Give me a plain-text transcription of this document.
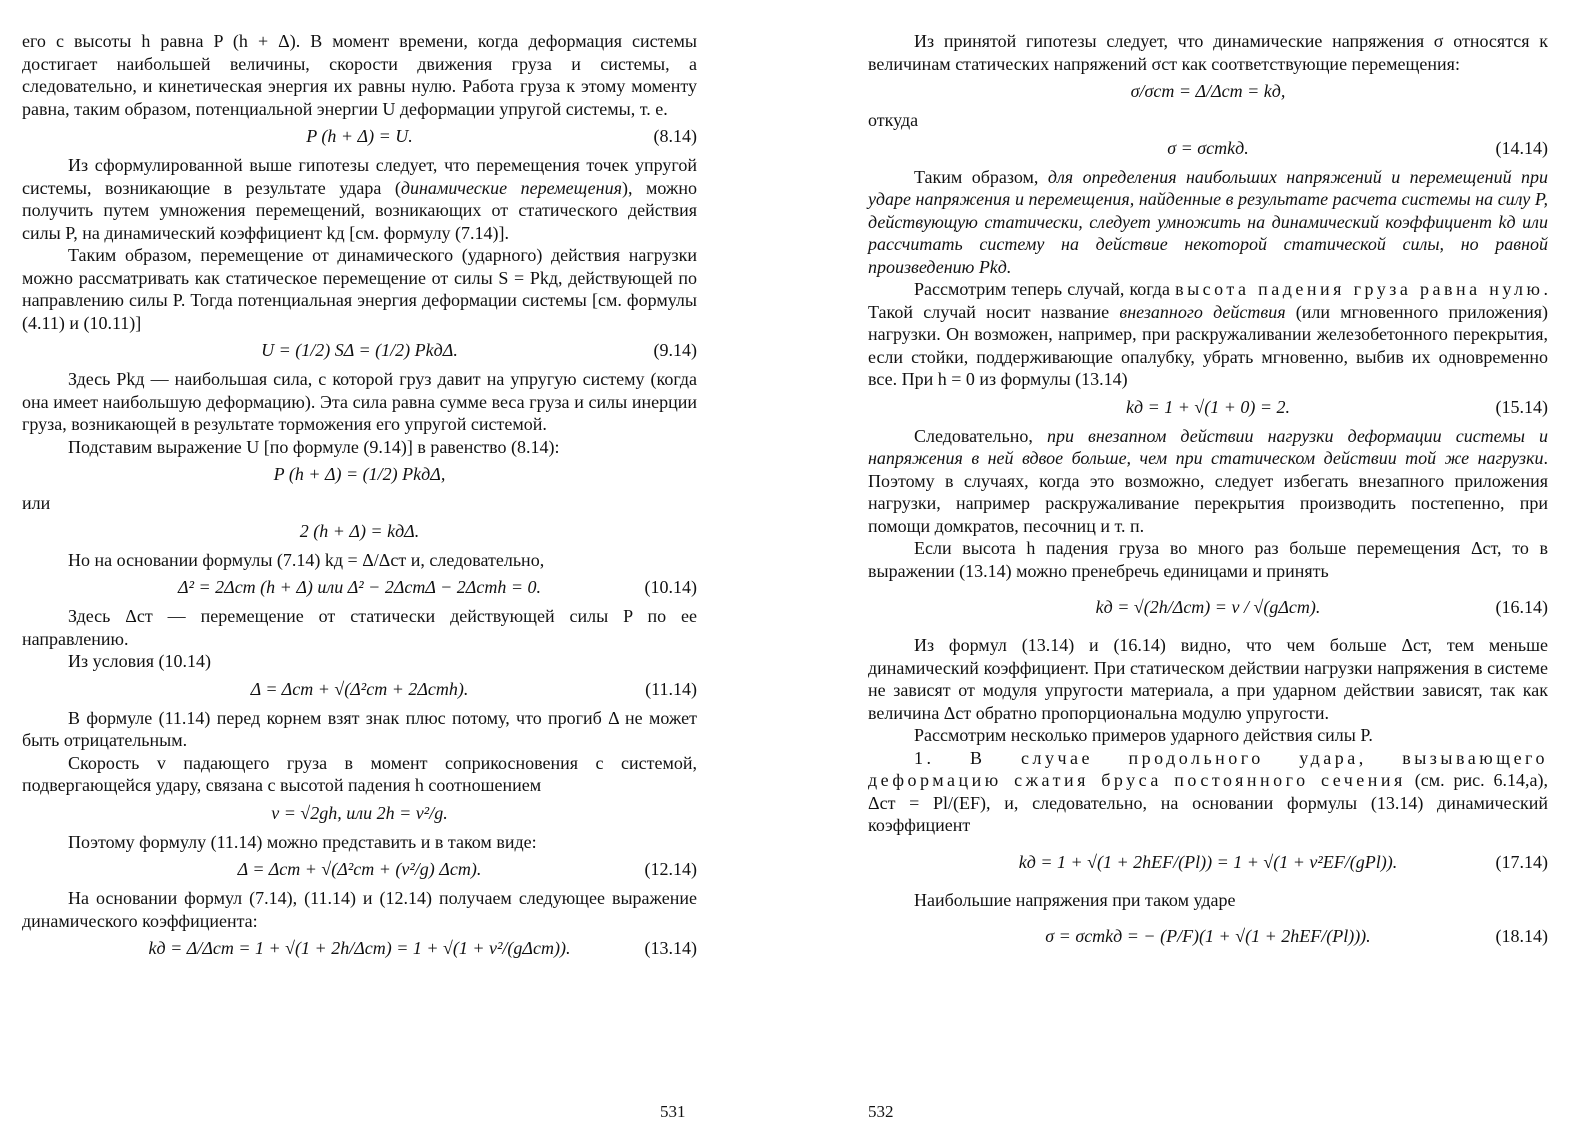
его с высоты h равна P (h + Δ). В момент времени, когда деформация системы достигает наибольшей величины, скорости движения груза и системы, а следовательно, и кинетическая энергия их равны нулю. Работа груза к этому моменту равна, таким образом, потенциальной энергии U деформации упругой системы, т. е.

P (h + Δ) = U.	(8.14)

Из сформулированной выше гипотезы следует, что перемещения точек упругой системы, возникающие в результате удара (динамические перемещения), можно получить путем умножения перемещений, возникающих от статического действия силы P, на динамический коэффициент kд [см. формулу (7.14)].

Таким образом, перемещение от динамического (ударного) действия нагрузки можно рассматривать как статическое перемещение от силы S = Pkд, действующей по направлению силы P. Тогда потенциальная энергия деформации системы [см. формулы (4.11) и (10.11)]

U = (1/2) SΔ = (1/2) PkдΔ.	(9.14)

Здесь Pkд — наибольшая сила, с которой груз давит на упругую систему (когда она имеет наибольшую деформацию). Эта сила равна сумме веса груза и силы инерции груза, возникающей в результате торможения его упругой системой.

Подставим выражение U [по формуле (9.14)] в равенство (8.14):

P (h + Δ) = (1/2) PkдΔ,

или

2 (h + Δ) = kдΔ.

Но на основании формулы (7.14) kд = Δ/Δст и, следовательно,

Δ² = 2Δст (h + Δ) или Δ² − 2ΔстΔ − 2Δстh = 0.	(10.14)

Здесь Δст — перемещение от статически действующей силы P по ее направлению.

Из условия (10.14)

Δ = Δст + √(Δ²ст + 2Δстh).	(11.14)

В формуле (11.14) перед корнем взят знак плюс потому, что прогиб Δ не может быть отрицательным.

Скорость v падающего груза в момент соприкосновения с системой, подвергающейся удару, связана с высотой падения h соотношением

v = √2gh, или 2h = v²/g.

Поэтому формулу (11.14) можно представить и в таком виде:

Δ = Δст + √(Δ²ст + (v²/g) Δст).	(12.14)

На основании формул (7.14), (11.14) и (12.14) получаем следующее выражение динамического коэффициента:

kд = Δ/Δст = 1 + √(1 + 2h/Δст) = 1 + √(1 + v²/(gΔст)).	(13.14)
531

Из принятой гипотезы следует, что динамические напряжения σ относятся к величинам статических напряжений σст как соответствующие перемещения:

σ/σст = Δ/Δст = kд,

откуда

σ = σстkд.	(14.14)

Таким образом, для определения наибольших напряжений и перемещений при ударе напряжения и перемещения, найденные в результате расчета системы на силу P, действующую статически, следует умножить на динамический коэффициент kд или рассчитать систему на действие некоторой статической силы, но равной произведению Pkд.

Рассмотрим теперь случай, когда высота падения груза равна нулю. Такой случай носит название внезапного действия (или мгновенного приложения) нагрузки. Он возможен, например, при раскружаливании железобетонного перекрытия, если стойки, поддерживающие опалубку, убрать мгновенно, выбив их одновременно все. При h = 0 из формулы (13.14)

kд = 1 + √(1 + 0) = 2.	(15.14)

Следовательно, при внезапном действии нагрузки деформации системы и напряжения в ней вдвое больше, чем при статическом действии той же нагрузки. Поэтому в случаях, когда это возможно, следует избегать внезапного приложения нагрузки, например раскружаливание перекрытия производить постепенно, при помощи домкратов, песочниц и т. п.

Если высота h падения груза во много раз больше перемещения Δст, то в выражении (13.14) можно пренебречь единицами и принять

kд = √(2h/Δст) = v / √(gΔст).	(16.14)

Из формул (13.14) и (16.14) видно, что чем больше Δст, тем меньше динамический коэффициент. При статическом действии нагрузки напряжения в системе не зависят от модуля упругости материала, а при ударном действии зависят, так как величина Δст обратно пропорциональна модулю упругости.

Рассмотрим несколько примеров ударного действия силы P.

1. В случае продольного удара, вызывающего деформацию сжатия бруса постоянного сечения (см. рис. 6.14,а), Δст = Pl/(EF), и, следовательно, на основании формулы (13.14) динамический коэффициент

kд = 1 + √(1 + 2hEF/(Pl)) = 1 + √(1 + v²EF/(gPl)).	(17.14)

Наибольшие напряжения при таком ударе

σ = σстkд = − (P/F)(1 + √(1 + 2hEF/(Pl))).	(18.14)
532
